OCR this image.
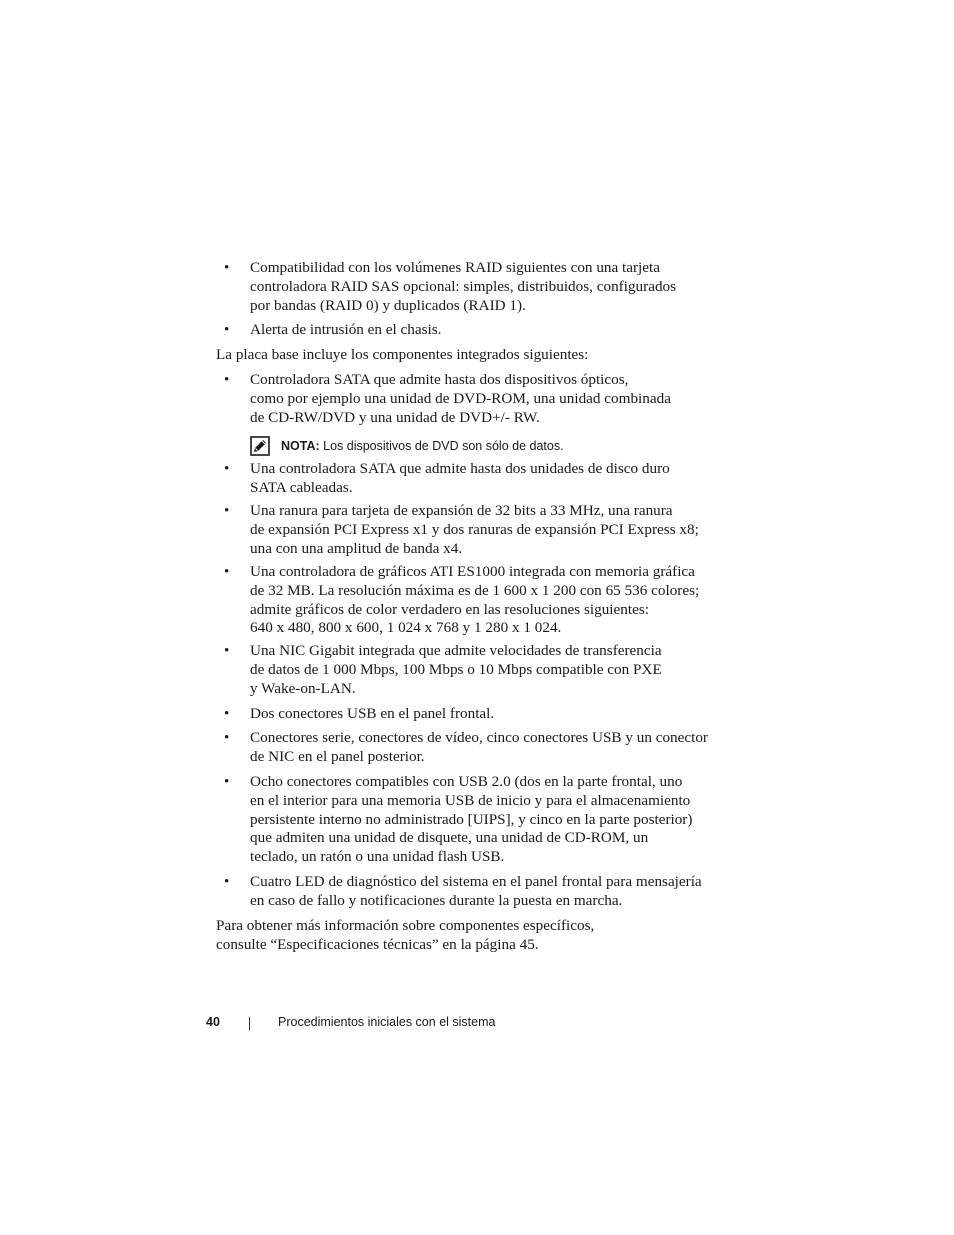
• Compatibilidad con los volúmenes RAID siguientes con una tarjeta
controladora RAID SAS opcional: simples, distribuidos, configurados
por bandas (RAID 0) y duplicados (RAID 1).
• Alerta de intrusión en el chasis.
La placa base incluye los componentes integrados siguientes:
• Controladora SATA que admite hasta dos dispositivos ópticos,
como por ejemplo una unidad de DVD-ROM, una unidad combinada
de CD-RW/DVD y una unidad de DVD+/- RW.
NOTA: Los dispositivos de DVD son sólo de datos.
• Una controladora SATA que admite hasta dos unidades de disco duro
SATA cableadas.
• Una ranura para tarjeta de expansión de 32 bits a 33 MHz, una ranura
de expansión PCI Express x1 y dos ranuras de expansión PCI Express x8;
una con una amplitud de banda x4.
• Una controladora de gráficos ATI ES1000 integrada con memoria gráfica
de 32 MB. La resolución máxima es de 1 600 x 1 200 con 65 536 colores;
admite gráficos de color verdadero en las resoluciones siguientes:
640 x 480, 800 x 600, 1 024 x 768 y 1 280 x 1 024.
• Una NIC Gigabit integrada que admite velocidades de transferencia
de datos de 1 000 Mbps, 100 Mbps o 10 Mbps compatible con PXE
y Wake-on-LAN.
• Dos conectores USB en el panel frontal.
• Conectores serie, conectores de vídeo, cinco conectores USB y un conector
de NIC en el panel posterior.
• Ocho conectores compatibles con USB 2.0 (dos en la parte frontal, uno
en el interior para una memoria USB de inicio y para el almacenamiento
persistente interno no administrado [UIPS], y cinco en la parte posterior)
que admiten una unidad de disquete, una unidad de CD-ROM, un
teclado, un ratón o una unidad flash USB.
• Cuatro LED de diagnóstico del sistema en el panel frontal para mensajería
en caso de fallo y notificaciones durante la puesta en marcha.
Para obtener más información sobre componentes específicos,
consulte “Especificaciones técnicas” en la página 45.
40	Procedimientos iniciales con el sistema
